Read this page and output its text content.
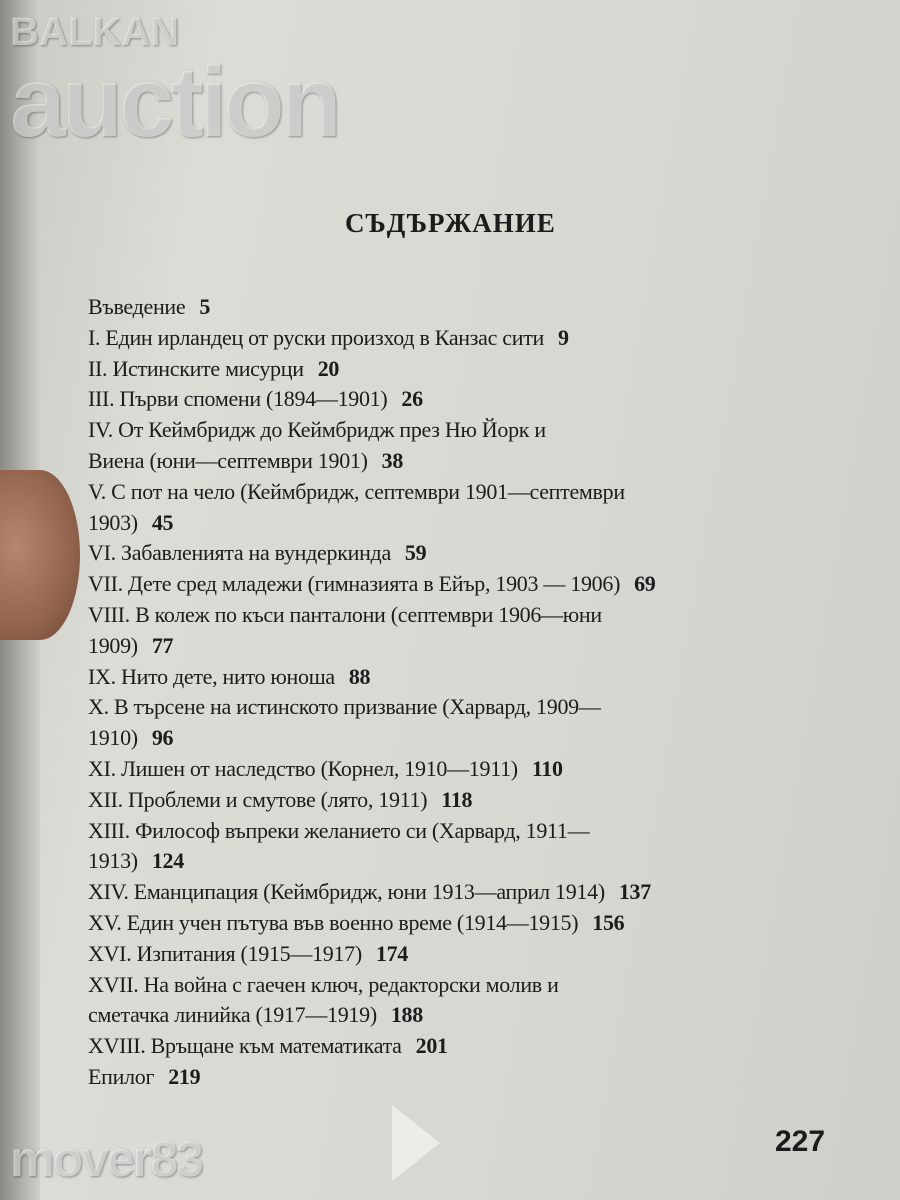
СЪДЪРЖАНИЕ
Въведение 5
I. Един ирландец от руски произход в Канзас сити 9
II. Истинските мисурци 20
III. Първи спомени (1894—1901) 26
IV. От Кеймбридж до Кеймбридж през Ню Йорк и
Виена (юни—септември 1901) 38
V. С пот на чело (Кеймбридж, септември 1901—септември
1903) 45
VI. Забавленията на вундеркинда 59
VII. Дете сред младежи (гимназията в Ейър, 1903 — 1906) 69
VIII. В колеж по къси панталони (септември 1906—юни
1909) 77
IX. Нито дете, нито юноша 88
X. В търсене на истинското призвание (Харвард, 1909—
1910) 96
XI. Лишен от наследство (Корнел, 1910—1911) 110
XII. Проблеми и смутове (лято, 1911) 118
XIII. Философ въпреки желанието си (Харвард, 1911—
1913) 124
XIV. Еманципация (Кеймбридж, юни 1913—април 1914) 137
XV. Един учен пътува във военно време (1914—1915) 156
XVI. Изпитания (1915—1917) 174
XVII. На война с гаечен ключ, редакторски молив и
сметачка линийка (1917—1919) 188
XVIII. Връщане към математиката 201
Епилог 219
227
BALKAN
auction
mover83
